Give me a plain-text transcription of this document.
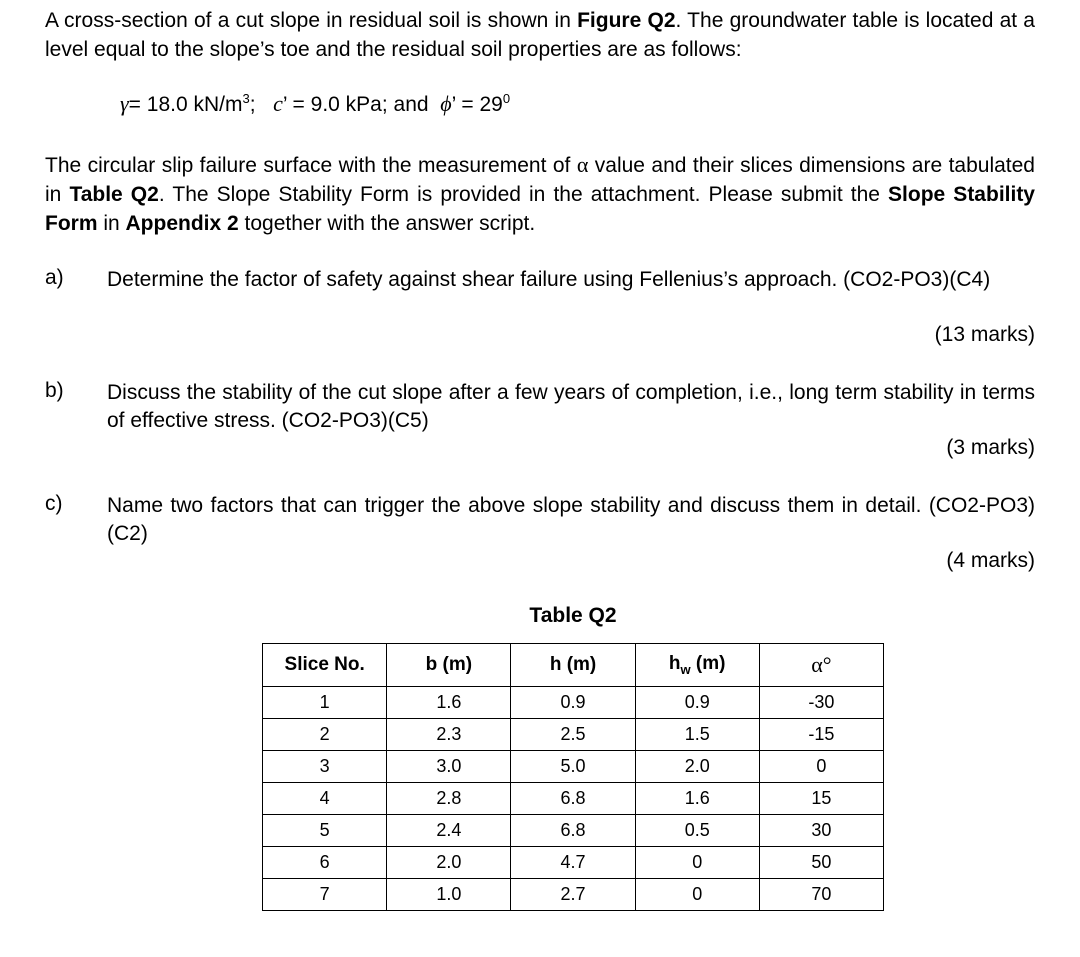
A cross-section of a cut slope in residual soil is shown in Figure Q2. The groundwater table is located at a level equal to the slope’s toe and the residual soil properties are as follows:
γ= 18.0 $kN/m^3$;   c’ = 9.0 kPa; and  ϕ’ = $29^0$
The circular slip failure surface with the measurement of α value and their slices dimensions are tabulated in Table Q2. The Slope Stability Form is provided in the attachment. Please submit the Slope Stability Form in Appendix 2 together with the answer script.
a) Determine the factor of safety against shear failure using Fellenius’s approach. (CO2-PO3)(C4)
(13 marks)
b) Discuss the stability of the cut slope after a few years of completion, i.e., long term stability in terms of effective stress. (CO2-PO3)(C5)
(3 marks)
c) Name two factors that can trigger the above slope stability and discuss them in detail. (CO2-PO3)(C2)
(4 marks)
Table Q2
Slice No.	b (m)	h (m)	$h_w$ (m)	α°
1	1.6	0.9	0.9	-30
2	2.3	2.5	1.5	-15
3	3.0	5.0	2.0	0
4	2.8	6.8	1.6	15
5	2.4	6.8	0.5	30
6	2.0	4.7	0	50
7	1.0	2.7	0	70
